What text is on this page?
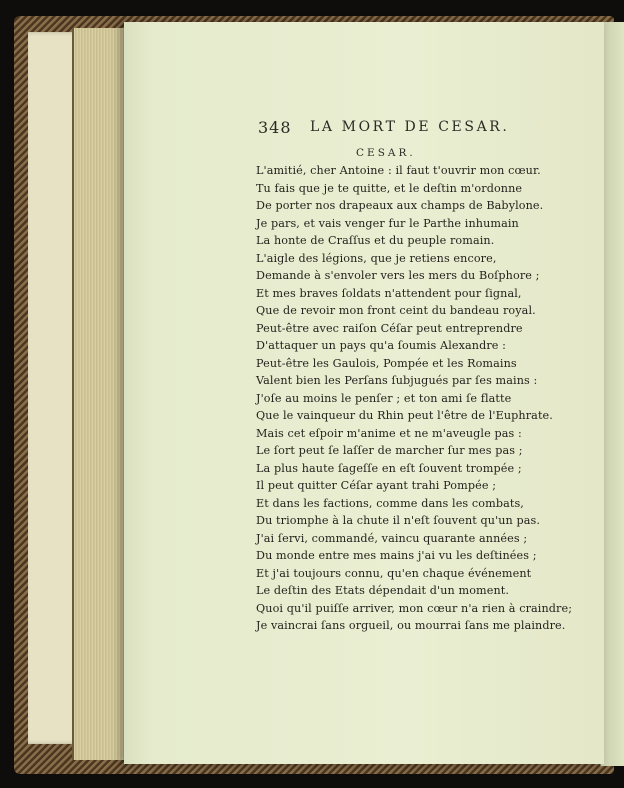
348 LA MORT DE CESAR.
CESAR.
L'amitié, cher Antoine : il faut t'ouvrir mon cœur.
Tu fais que je te quitte, et le deſtin m'ordonne
De porter nos drapeaux aux champs de Babylone.
Je pars, et vais venger fur le Parthe inhumain
La honte de Craſſus et du peuple romain.
L'aigle des légions, que je retiens encore,
Demande à s'envoler vers les mers du Boſphore ;
Et mes braves ſoldats n'attendent pour ſignal,
Que de revoir mon front ceint du bandeau royal.
Peut-être avec raiſon Céſar peut entreprendre
D'attaquer un pays qu'a ſoumis Alexandre :
Peut-être les Gaulois, Pompée et les Romains
Valent bien les Perſans ſubjugués par ſes mains :
J'oſe au moins le penſer ; et ton ami ſe flatte
Que le vainqueur du Rhin peut l'être de l'Euphrate.
Mais cet eſpoir m'anime et ne m'aveugle pas :
Le ſort peut ſe laſſer de marcher ſur mes pas ;
La plus haute ſageſſe en eſt ſouvent trompée ;
Il peut quitter Céſar ayant trahi Pompée ;
Et dans les factions, comme dans les combats,
Du triomphe à la chute il n'eſt ſouvent qu'un pas.
J'ai ſervi, commandé, vaincu quarante années ;
Du monde entre mes mains j'ai vu les deſtinées ;
Et j'ai toujours connu, qu'en chaque événement
Le deſtin des Etats dépendait d'un moment.
Quoi qu'il puiſſe arriver, mon cœur n'a rien à craindre;
Je vaincrai ſans orgueil, ou mourrai ſans me plaindre.
